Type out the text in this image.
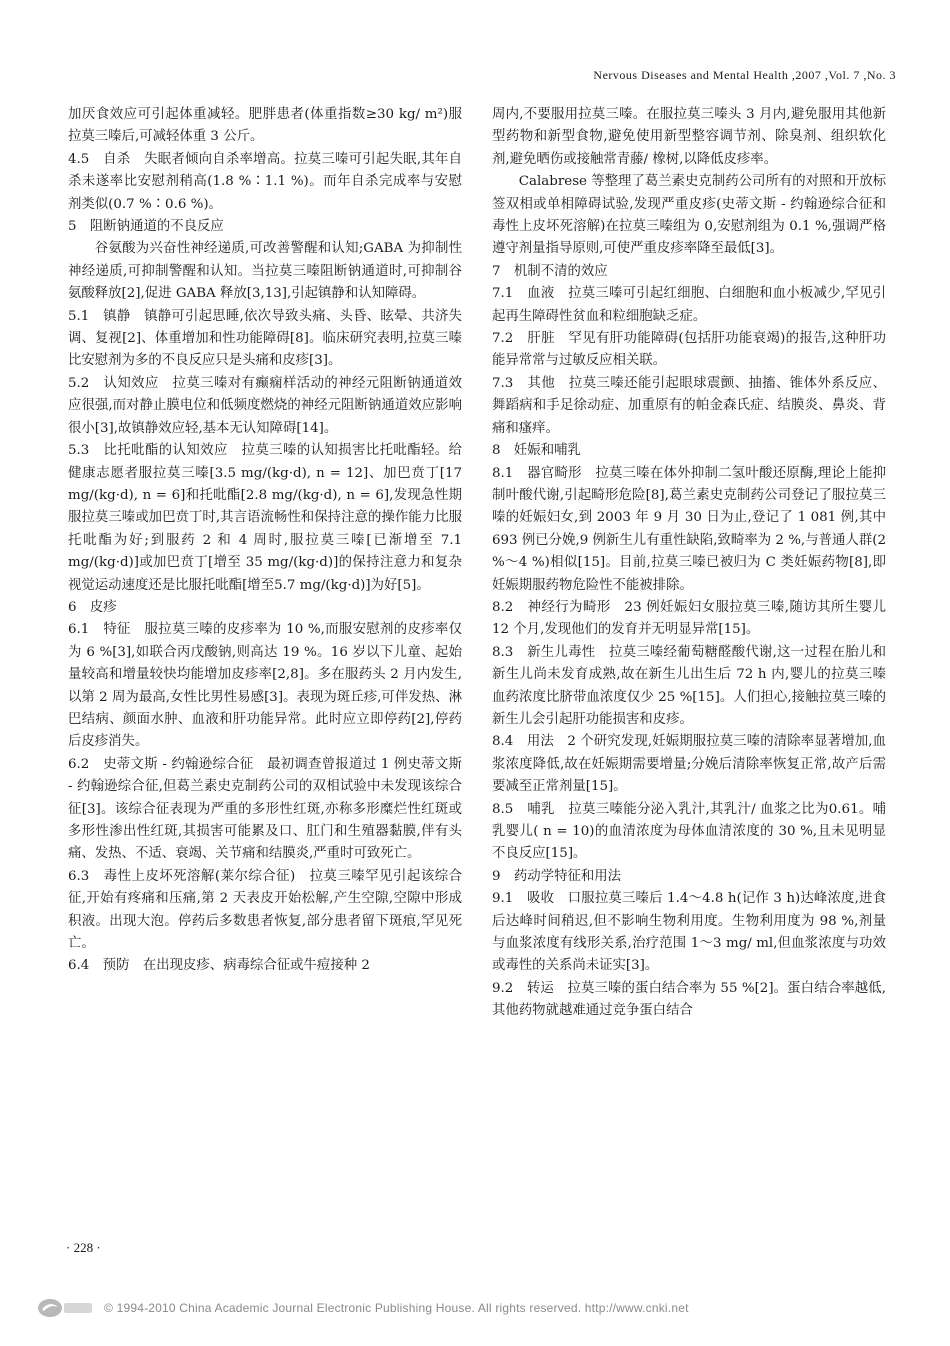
Nervous Diseases and Mental Health ,2007 ,Vol. 7 ,No. 3

加厌食效应可引起体重减轻。肥胖患者(体重指数≥30 kg/ m²)服拉莫三嗪后,可减轻体重 3 公斤。

4.5　自杀　失眠者倾向自杀率增高。拉莫三嗪可引起失眠,其年自杀未遂率比安慰剂稍高(1.8 %∶1.1 %)。而年自杀完成率与安慰剂类似(0.7 %∶0.6 %)。

5　阻断钠通道的不良反应

谷氨酸为兴奋性神经递质,可改善警醒和认知;GABA 为抑制性神经递质,可抑制警醒和认知。当拉莫三嗪阻断钠通道时,可抑制谷氨酸释放[2],促进 GABA 释放[3,13],引起镇静和认知障碍。

5.1　镇静　镇静可引起思睡,依次导致头痛、头昏、眩晕、共济失调、复视[2]、体重增加和性功能障碍[8]。临床研究表明,拉莫三嗪比安慰剂为多的不良反应只是头痛和皮疹[3]。

5.2　认知效应　拉莫三嗪对有癫痫样活动的神经元阻断钠通道效应很强,而对静止膜电位和低频度燃烧的神经元阻断钠通道效应影响很小[3],故镇静效应轻,基本无认知障碍[14]。

5.3　比托吡酯的认知效应　拉莫三嗪的认知损害比托吡酯轻。给健康志愿者服拉莫三嗪[3.5 mg/(kg·d), n = 12]、加巴贲丁[17 mg/(kg·d), n = 6]和托吡酯[2.8 mg/(kg·d), n = 6],发现急性期服拉莫三嗪或加巴贲丁时,其言语流畅性和保持注意的操作能力比服托吡酯为好;到服药 2 和 4 周时,服拉莫三嗪[已渐增至 7.1 mg/(kg·d)]或加巴贲丁[增至 35 mg/(kg·d)]的保持注意力和复杂视觉运动速度还是比服托吡酯[增至5.7 mg/(kg·d)]为好[5]。

6　皮疹

6.1　特征　服拉莫三嗪的皮疹率为 10 %,而服安慰剂的皮疹率仅为 6 %[3],如联合丙戊酸钠,则高达 19 %。16 岁以下儿童、起始量较高和增量较快均能增加皮疹率[2,8]。多在服药头 2 月内发生,以第 2 周为最高,女性比男性易感[3]。表现为斑丘疹,可伴发热、淋巴结病、颜面水肿、血液和肝功能异常。此时应立即停药[2],停药后皮疹消失。

6.2　史蒂文斯 - 约翰逊综合征　最初调查曾报道过 1 例史蒂文斯 - 约翰逊综合征,但葛兰素史克制药公司的双相试验中未发现该综合征[3]。该综合征表现为严重的多形性红斑,亦称多形糜烂性红斑或多形性渗出性红斑,其损害可能累及口、肛门和生殖器黏膜,伴有头痛、发热、不适、衰竭、关节痛和结膜炎,严重时可致死亡。

6.3　毒性上皮坏死溶解(莱尔综合征)　拉莫三嗪罕见引起该综合征,开始有疼痛和压痛,第 2 天表皮开始松解,产生空隙,空隙中形成积液。出现大泡。停药后多数患者恢复,部分患者留下斑痕,罕见死亡。

6.4　预防　在出现皮疹、病毒综合征或牛痘接种 2

周内,不要服用拉莫三嗪。在服拉莫三嗪头 3 月内,避免服用其他新型药物和新型食物,避免使用新型整容调节剂、除臭剂、组织软化剂,避免晒伤或接触常青藤/ 橡树,以降低皮疹率。

Calabrese 等整理了葛兰素史克制药公司所有的对照和开放标签双相或单相障碍试验,发现严重皮疹(史蒂文斯 - 约翰逊综合征和毒性上皮坏死溶解)在拉莫三嗪组为 0,安慰剂组为 0.1 %,强调严格遵守剂量指导原则,可使严重皮疹率降至最低[3]。

7　机制不清的效应

7.1　血液　拉莫三嗪可引起红细胞、白细胞和血小板减少,罕见引起再生障碍性贫血和粒细胞缺乏症。

7.2　肝脏　罕见有肝功能障碍(包括肝功能衰竭)的报告,这种肝功能异常常与过敏反应相关联。

7.3　其他　拉莫三嗪还能引起眼球震颤、抽搐、锥体外系反应、舞蹈病和手足徐动症、加重原有的帕金森氏症、结膜炎、鼻炎、背痛和瘙痒。

8　妊娠和哺乳

8.1　器官畸形　拉莫三嗪在体外抑制二氢叶酸还原酶,理论上能抑制叶酸代谢,引起畸形危险[8],葛兰素史克制药公司登记了服拉莫三嗪的妊娠妇女,到 2003 年 9 月 30 日为止,登记了 1 081 例,其中 693 例已分娩,9 例新生儿有重性缺陷,致畸率为 2 %,与普通人群(2 %～4 %)相似[15]。目前,拉莫三嗪已被归为 C 类妊娠药物[8],即妊娠期服药物危险性不能被排除。

8.2　神经行为畸形　23 例妊娠妇女服拉莫三嗪,随访其所生婴儿 12 个月,发现他们的发育并无明显异常[15]。

8.3　新生儿毒性　拉莫三嗪经葡萄糖醛酸代谢,这一过程在胎儿和新生儿尚未发育成熟,故在新生儿出生后 72 h 内,婴儿的拉莫三嗪血药浓度比脐带血浓度仅少 25 %[15]。人们担心,接触拉莫三嗪的新生儿会引起肝功能损害和皮疹。

8.4　用法　2 个研究发现,妊娠期服拉莫三嗪的清除率显著增加,血浆浓度降低,故在妊娠期需要增量;分娩后清除率恢复正常,故产后需要减至正常剂量[15]。

8.5　哺乳　拉莫三嗪能分泌入乳汁,其乳汁/ 血浆之比为0.61。哺乳婴儿( n = 10)的血清浓度为母体血清浓度的 30 %,且未见明显不良反应[15]。

9　药动学特征和用法

9.1　吸收　口服拉莫三嗪后 1.4～4.8 h(记作 3 h)达峰浓度,进食后达峰时间稍迟,但不影响生物利用度。生物利用度为 98 %,剂量与血浆浓度有线形关系,治疗范围 1～3 mg/ ml,但血浆浓度与功效或毒性的关系尚未证实[3]。

9.2　转运　拉莫三嗪的蛋白结合率为 55 %[2]。蛋白结合率越低,其他药物就越难通过竞争蛋白结合

· 228 ·
© 1994-2010 China Academic Journal Electronic Publishing House. All rights reserved. http://www.cnki.net
